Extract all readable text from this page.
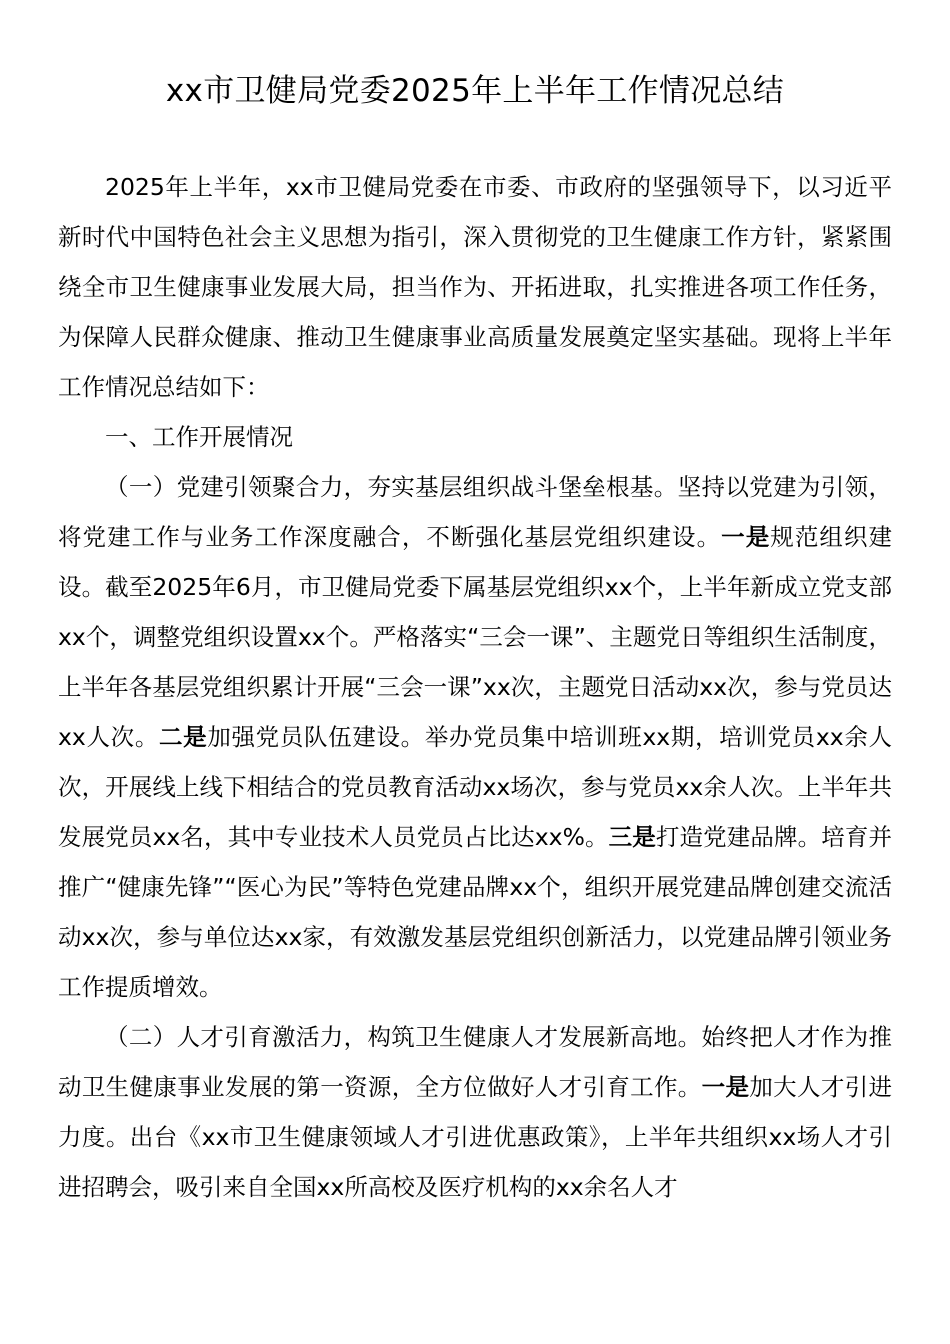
xx市卫健局党委2025年上半年工作情况总结

2025年上半年，xx市卫健局党委在市委、市政府的坚强领导下，以习近平新时代中国特色社会主义思想为指引，深入贯彻党的卫生健康工作方针，紧紧围绕全市卫生健康事业发展大局，担当作为、开拓进取，扎实推进各项工作任务，为保障人民群众健康、推动卫生健康事业高质量发展奠定坚实基础。现将上半年工作情况总结如下：

一、工作开展情况

（一）党建引领聚合力，夯实基层组织战斗堡垒根基。坚持以党建为引领，将党建工作与业务工作深度融合，不断强化基层党组织建设。一是规范组织建设。截至2025年6月，市卫健局党委下属基层党组织xx个，上半年新成立党支部xx个，调整党组织设置xx个。严格落实“三会一课”、主题党日等组织生活制度，上半年各基层党组织累计开展“三会一课”xx次，主题党日活动xx次，参与党员达xx人次。二是加强党员队伍建设。举办党员集中培训班xx期，培训党员xx余人次，开展线上线下相结合的党员教育活动xx场次，参与党员xx余人次。上半年共发展党员xx名，其中专业技术人员党员占比达xx%。三是打造党建品牌。培育并推广“健康先锋”“医心为民”等特色党建品牌xx个，组织开展党建品牌创建交流活动xx次，参与单位达xx家，有效激发基层党组织创新活力，以党建品牌引领业务工作提质增效。

（二）人才引育激活力，构筑卫生健康人才发展新高地。始终把人才作为推动卫生健康事业发展的第一资源，全方位做好人才引育工作。一是加大人才引进力度。出台《xx市卫生健康领域人才引进优惠政策》，上半年共组织xx场人才引进招聘会，吸引来自全国xx所高校及医疗机构的xx余名人才
